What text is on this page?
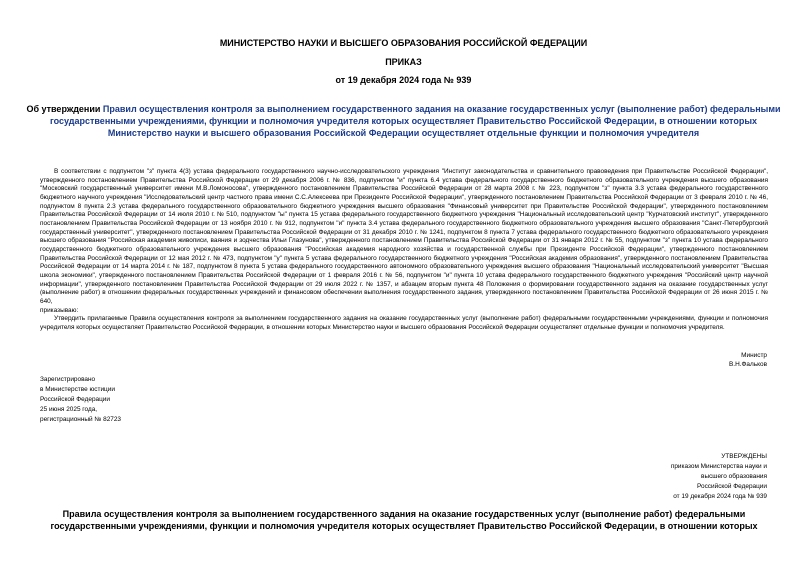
МИНИСТЕРСТВО НАУКИ И ВЫСШЕГО ОБРАЗОВАНИЯ РОССИЙСКОЙ ФЕДЕРАЦИИ
ПРИКАЗ
от 19 декабря 2024 года № 939
Об утверждении Правил осуществления контроля за выполнением государственного задания на оказание государственных услуг (выполнение работ) федеральными государственными учреждениями, функции и полномочия учредителя которых осуществляет Правительство Российской Федерации, в отношении которых Министерство науки и высшего образования Российской Федерации осуществляет отдельные функции и полномочия учредителя

В соответствии с подпунктом "з" пункта 4(3) устава федерального государственного научно-исследовательского учреждения "Институт законодательства и сравнительного правоведения при Правительстве Российской Федерации", утвержденного постановлением Правительства Российской Федерации от 29 декабря 2006 г. № 836, подпунктом "и" пункта 6.4 устава федерального государственного бюджетного образовательного учреждения высшего образования "Московский государственный университет имени М.В.Ломоносова", утвержденного постановлением Правительства Российской Федерации от 28 марта 2008 г. № 223, подпунктом "з" пункта 3.3 устава федерального государственного бюджетного научного учреждения "Исследовательский центр частного права имени С.С.Алексеева при Президенте Российской Федерации", утвержденного постановлением Правительства Российской Федерации от 3 февраля 2010 г. № 46, подпунктом 8 пункта 2.3 устава федерального государственного образовательного бюджетного учреждения высшего образования "Финансовый университет при Правительстве Российской Федерации", утвержденного постановлением Правительства Российской Федерации от 14 июля 2010 г. № 510, подпунктом "ы" пункта 15 устава федерального государственного бюджетного учреждения "Национальный исследовательский центр "Курчатовский институт", утвержденного постановлением Правительства Российской Федерации от 13 ноября 2010 г. № 912, подпунктом "и" пункта 3.4 устава федерального государственного бюджетного образовательного учреждения высшего образования "Санкт-Петербургский государственный университет", утвержденного постановлением Правительства Российской Федерации от 31 декабря 2010 г. № 1241, подпунктом 8 пункта 7 устава федерального государственного бюджетного образовательного учреждения высшего образования "Российская академия живописи, ваяния и зодчества Ильи Глазунова", утвержденного постановлением Правительства Российской Федерации от 31 января 2012 г. № 55, подпунктом "з" пункта 10 устава федерального государственного бюджетного образовательного учреждения высшего образования "Российская академия народного хозяйства и государственной службы при Президенте Российской Федерации", утвержденного постановлением Правительства Российской Федерации от 12 мая 2012 г. № 473, подпунктом "у" пункта 5 устава федерального государственного бюджетного учреждения "Российская академия образования", утвержденного постановлением Правительства Российской Федерации от 14 марта 2014 г. № 187, подпунктом 8 пункта 5 устава федерального государственного автономного образовательного учреждения высшего образования "Национальный исследовательский университет "Высшая школа экономики", утвержденного постановлением Правительства Российской Федерации от 1 февраля 2016 г. № 56, подпунктом "и" пункта 10 устава федерального государственного бюджетного учреждения "Российский центр научной информации", утвержденного постановлением Правительства Российской Федерации от 29 июля 2022 г. № 1357, и абзацем вторым пункта 48 Положения о формировании государственного задания на оказание государственных услуг (выполнение работ) в отношении федеральных государственных учреждений и финансовом обеспечении выполнения государственного задания, утвержденного постановлением Правительства Российской Федерации от 26 июня 2015 г. № 640,

приказываю:

Утвердить прилагаемые Правила осуществления контроля за выполнением государственного задания на оказание государственных услуг (выполнение работ) федеральными государственными учреждениями, функции и полномочия учредителя которых осуществляет Правительство Российской Федерации, в отношении которых Министерство науки и высшего образования Российской Федерации осуществляет отдельные функции и полномочия учредителя.

Министр
В.Н.Фальков
Зарегистрировано
в Министерстве юстиции
Российской Федерации
25 июня 2025 года,
регистрационный № 82723
УТВЕРЖДЕНЫ
приказом Министерства науки и
высшего образования
Российской Федерации
от 19 декабря 2024 года № 939
Правила осуществления контроля за выполнением государственного задания на оказание государственных услуг (выполнение работ) федеральными государственными учреждениями, функции и полномочия учредителя которых осуществляет Правительство Российской Федерации, в отношении которых
